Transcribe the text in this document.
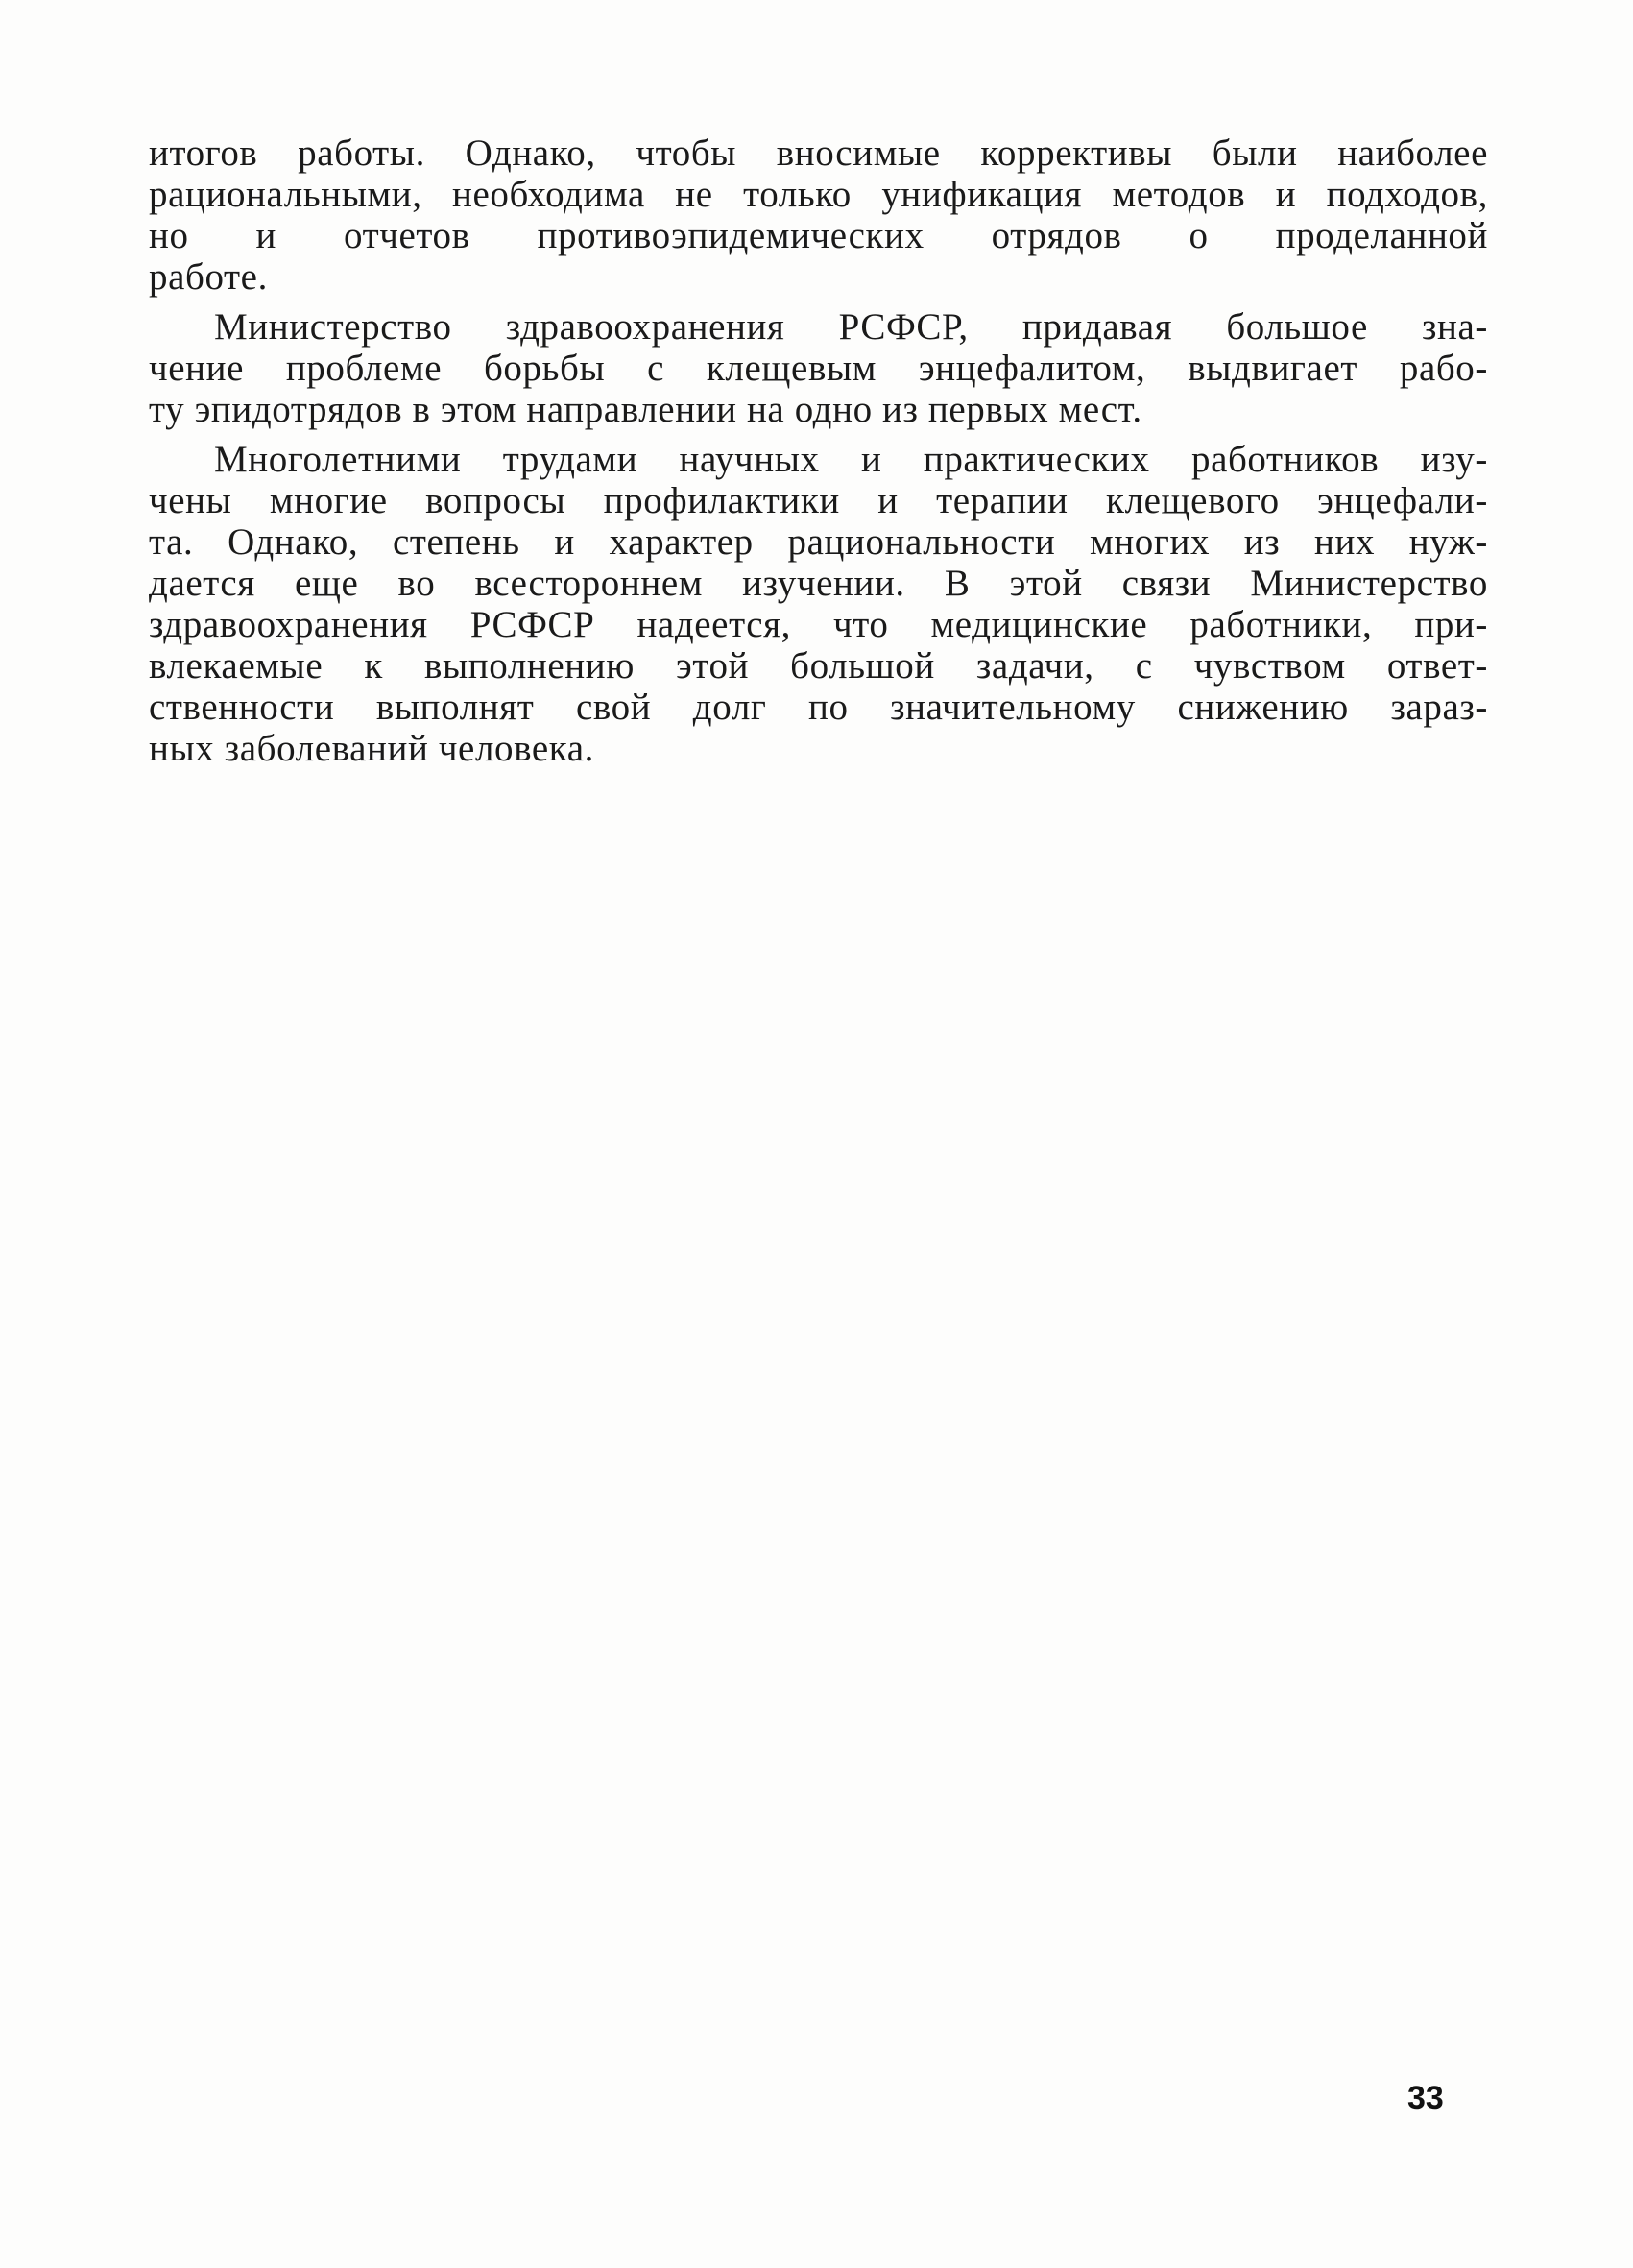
итогов работы. Однако, чтобы вносимые коррективы были наиболее
рациональными, необходима не только унификация методов и подходов,
но и отчетов противоэпидемических отрядов о проделанной
работе.
Министерство здравоохранения РСФСР, придавая большое зна-
чение проблеме борьбы с клещевым энцефалитом, выдвигает рабо-
ту эпидотрядов в этом направлении на одно из первых мест.
Многолетними трудами научных и практических работников изу-
чены многие вопросы профилактики и терапии клещевого энцефали-
та. Однако, степень и характер рациональности многих из них нуж-
дается еще во всестороннем изучении. В этой связи Министерство
здравоохранения РСФСР надеется, что медицинские работники, при-
влекаемые к выполнению этой большой задачи, с чувством ответ-
ственности выполнят свой долг по значительному снижению зараз-
ных заболеваний человека.
33
